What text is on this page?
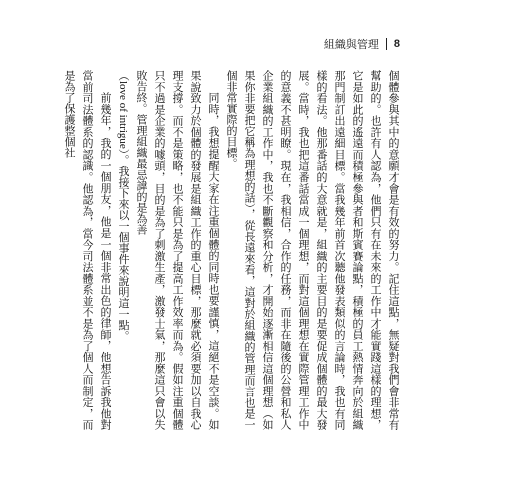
組織與管理 8

個體參與其中的意願才會是有效的努力。記住這點，無疑對我們會非常有幫助的。也許有人認為，他們只有在未來的工作中才能實踐這樣的理想，它是如此的遙遠而積極參與者和斯賓賽論點，積極的員工熱情奔向於組織那門制訂出遠細目標。當我幾年前首次聽他發表類似的言論時，我也有同樣的看法。他那番話的大意就是，組織的主要目的是要促成個體的最大發展。當時，我也把這番話當成一個理想，而對這個理想在實際管理工作中的意義不甚明瞭。現在，我相信，合作的任務，而非在隨後的公營和私人企業組織的工作中，我也不斷觀察和分析，才開始逐漸相信這個理想（如果你非要把它稱為理想的話），從長遠來看，這對於組織的管理而言也是一個非常實際的目標。

同時，我想提醒大家在注重個體的同時也要謹慎，這絕不是空談。如果說致力於個體的發展是組織工作的重心目標，那麼就必須要加以自我心理支撐。而不是策略，也不能只是為了提高工作效率而為。假如注重個體只不過是企業的噱頭，目的是為了刺激生產，激發士氣，那麼這只會以失敗告終。管理組織最忌諱的是為善

（love of intrigue）。我接下來以一個事件來說明這一點。

前幾年，我的一個朋友，他是一個非常出色的律師，他想告訴我他對當前司法體系的認識。他認為，當今司法體系並不是為了個人而制定，而是為了保護整個社
